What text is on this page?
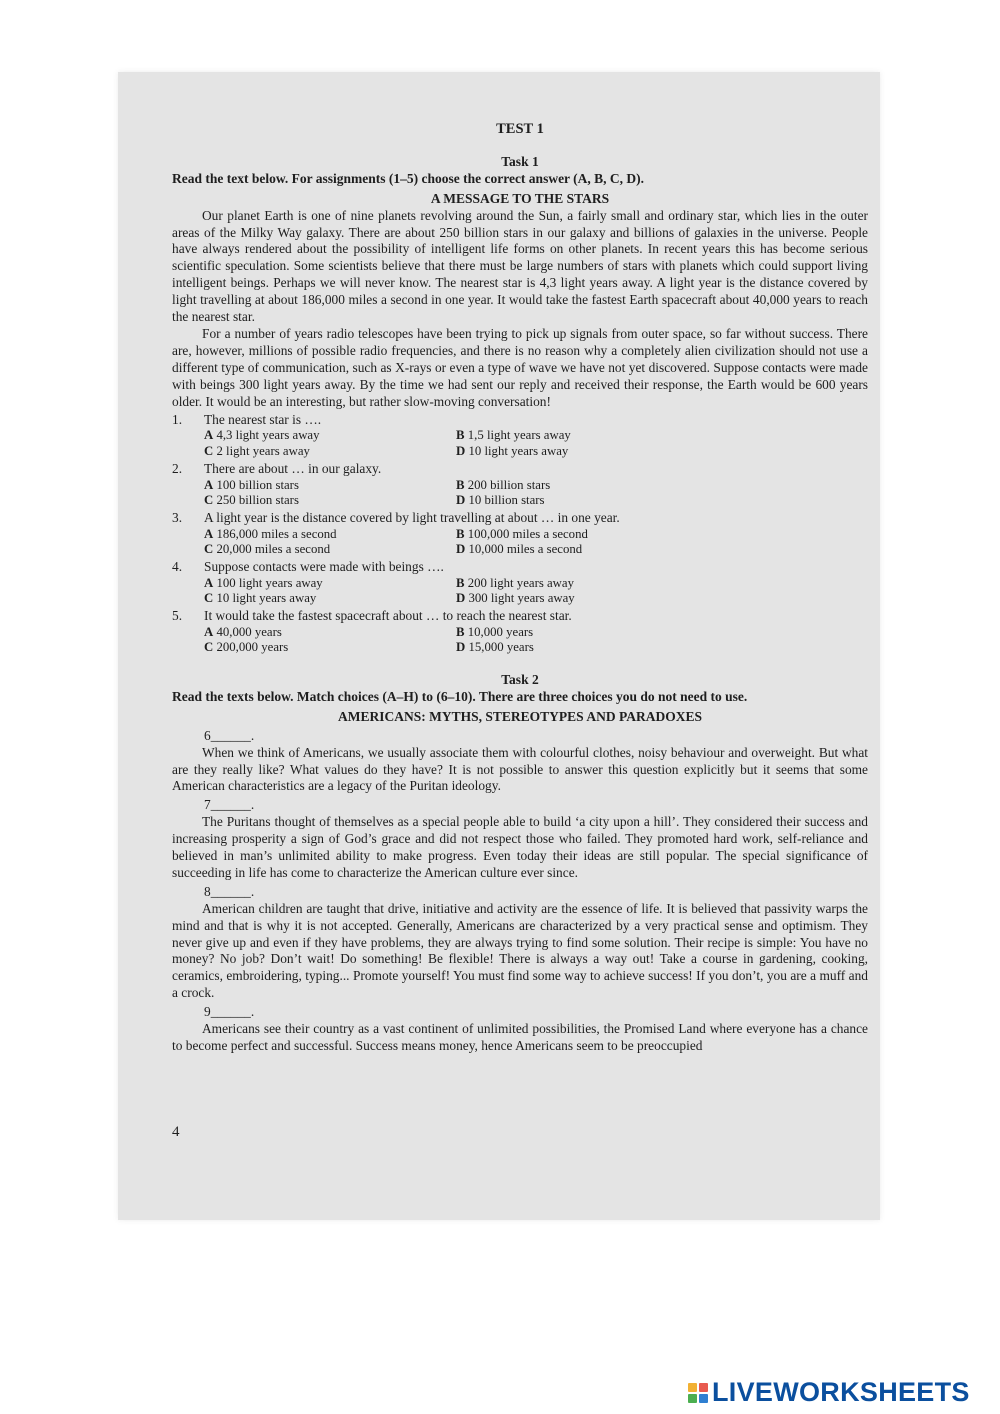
TEST 1
Task 1
Read the text below. For assignments (1–5) choose the correct answer (A, B, C, D).
A MESSAGE TO THE STARS

Our planet Earth is one of nine planets revolving around the Sun, a fairly small and ordinary star, which lies in the outer areas of the Milky Way galaxy. There are about 250 billion stars in our galaxy and billions of galaxies in the universe. People have always rendered about the possibility of intelligent life forms on other planets. In recent years this has become serious scientific speculation. Some scientists believe that there must be large numbers of stars with planets which could support living intelligent beings. Perhaps we will never know. The nearest star is 4,3 light years away. A light year is the distance covered by light travelling at about 186,000 miles a second in one year. It would take the fastest Earth spacecraft about 40,000 years to reach the nearest star.

For a number of years radio telescopes have been trying to pick up signals from outer space, so far without success. There are, however, millions of possible radio frequencies, and there is no reason why a completely alien civilization should not use a different type of communication, such as X-rays or even a type of wave we have not yet discovered. Suppose contacts were made with beings 300 light years away. By the time we had sent our reply and received their response, the Earth would be 600 years older. It would be an interesting, but rather slow-moving conversation!

1. The nearest star is ….
A 4,3 light years away	B 1,5 light years away
C 2 light years away	D 10 light years away
2. There are about … in our galaxy.
A 100 billion stars	B 200 billion stars
C 250 billion stars	D 10 billion stars
3. A light year is the distance covered by light travelling at about … in one year.
A 186,000 miles a second	B 100,000 miles a second
C 20,000 miles a second	D 10,000 miles a second
4. Suppose contacts were made with beings ….
A 100 light years away	B 200 light years away
C 10 light years away	D 300 light years away
5. It would take the fastest spacecraft about … to reach the nearest star.
A 40,000 years	B 10,000 years
C 200,000 years	D 15,000 years
Task 2
Read the texts below. Match choices (A–H) to (6–10). There are three choices you do not need to use.
AMERICANS: MYTHS, STEREOTYPES AND PARADOXES
6______.

When we think of Americans, we usually associate them with colourful clothes, noisy behaviour and overweight. But what are they really like? What values do they have? It is not possible to answer this question explicitly but it seems that some American characteristics are a legacy of the Puritan ideology.

7______.

The Puritans thought of themselves as a special people able to build ‘a city upon a hill’. They considered their success and increasing prosperity a sign of God’s grace and did not respect those who failed. They promoted hard work, self-reliance and believed in man’s unlimited ability to make progress. Even today their ideas are still popular. The special significance of succeeding in life has come to characterize the American culture ever since.

8______.

American children are taught that drive, initiative and activity are the essence of life. It is believed that passivity warps the mind and that is why it is not accepted. Generally, Americans are characterized by a very practical sense and optimism. They never give up and even if they have problems, they are always trying to find some solution. Their recipe is simple: You have no money? No job? Don’t wait! Do something! Be flexible! There is always a way out! Take a course in gardening, cooking, ceramics, embroidering, typing... Promote yourself! You must find some way to achieve success! If you don’t, you are a muff and a crock.

9______.

Americans see their country as a vast continent of unlimited possibilities, the Promised Land where everyone has a chance to become perfect and successful. Success means money, hence Americans seem to be preoccupied

4
LIVEWORKSHEETS
